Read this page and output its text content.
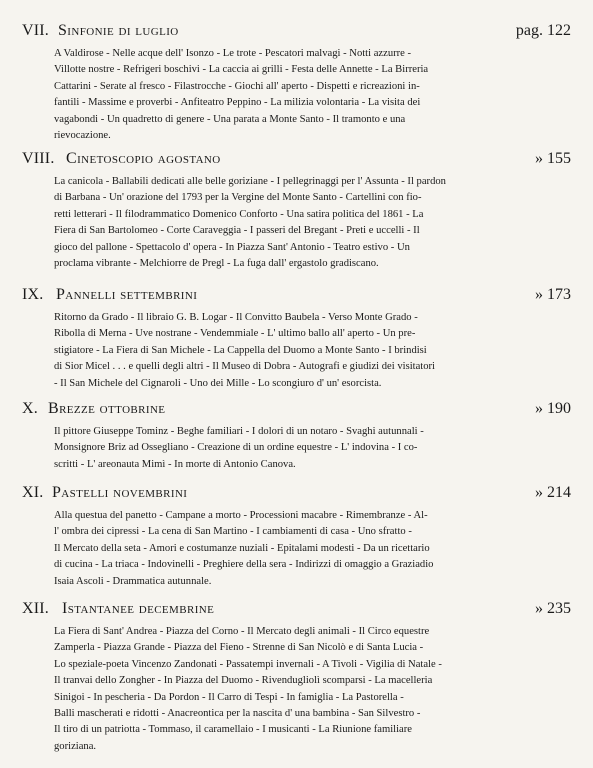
VII. Sinfonie di luglio	pag. 122
A Valdirose - Nelle acque dell' Isonzo - Le trote - Pescatori malvagi - Notti azzurre -
Villotte nostre - Refrigeri boschivi - La caccia ai grilli - Festa delle Annette - La Birreria
Cattarini - Serate al fresco - Filastrocche - Giochi all' aperto - Dispetti e ricreazioni in-
fantili - Massime e proverbi - Anfiteatro Peppino - La milizia volontaria - La visita dei
vagabondi - Un quadretto di genere - Una parata a Monte Santo - Il tramonto e una
rievocazione.
VIII. Cinetoscopio agostano	» 155
La canicola - Ballabili dedicati alle belle goriziane - I pellegrinaggi per l' Assunta - Il pardon
di Barbana - Un' orazione del 1793 per la Vergine del Monte Santo - Cartellini con fio-
retti letterari - Il filodrammatico Domenico Conforto - Una satira politica del 1861 - La
Fiera di San Bartolomeo - Corte Caraveggia - I passeri del Bregant - Preti e uccelli - Il
gioco del pallone - Spettacolo d' opera - In Piazza Sant' Antonio - Teatro estivo - Un
proclama vibrante - Melchiorre de Pregl - La fuga dall' ergastolo gradiscano.
IX. Pannelli settembrini	» 173
Ritorno da Grado - Il libraio G. B. Logar - Il Convitto Baubela - Verso Monte Grado -
Ribolla di Merna - Uve nostrane - Vendemmiale - L' ultimo ballo all' aperto - Un pre-
stigiatore - La Fiera di San Michele - La Cappella del Duomo a Monte Santo - I brindisi
di Sior Micel . . . e quelli degli altri - Il Museo di Dobra - Autografi e giudizi dei visitatori
- Il San Michele del Cignaroli - Uno dei Mille - Lo scongiuro d' un' esorcista.
X. Brezze ottobrine	» 190
Il pittore Giuseppe Tominz - Beghe familiari - I dolori di un notaro - Svaghi autunnali -
Monsignore Briz ad Ossegliano - Creazione di un ordine equestre - L' indovina - I co-
scritti - L' areonauta Mimì - In morte di Antonio Canova.
XI. Pastelli novembrini	» 214
Alla questua del panetto - Campane a morto - Processioni macabre - Rimembranze - Al-
l' ombra dei cipressi - La cena di San Martino - I cambiamenti di casa - Uno sfratto -
Il Mercato della seta - Amori e costumanze nuziali - Epitalami modesti - Da un ricettario
di cucina - La triaca - Indovinelli - Preghiere della sera - Indirizzi di omaggio a Graziadio
Isaia Ascoli - Drammatica autunnale.
XII. Istantanee decembrine	» 235
La Fiera di Sant' Andrea - Piazza del Corno - Il Mercato degli animali - Il Circo equestre
Zamperla - Piazza Grande - Piazza del Fieno - Strenne di San Nicolò e di Santa Lucia -
Lo speziale-poeta Vincenzo Zandonati - Passatempi invernali - A Tivoli - Vigilia di Natale -
Il tranvai dello Zongher - In Piazza del Duomo - Rivendugliolì scomparsi - La macelleria
Sinigoi - In pescheria - Da Pordon - Il Carro di Tespi - In famiglia - La Pastorella -
Balli mascherati e ridotti - Anacreontica per la nascita d' una bambina - San Silvestro -
Il tiro di un patriotta - Tommaso, il caramellaio - I musicanti - La Riunione familiare
goriziana.
